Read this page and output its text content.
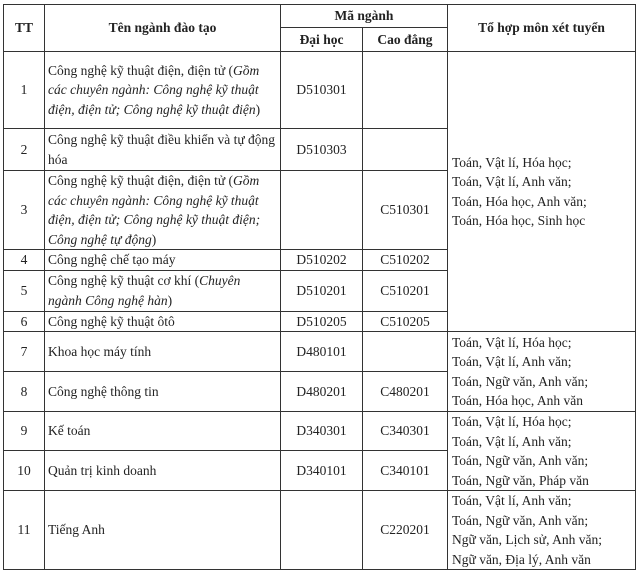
TT	Tên ngành đào tạo	Mã ngành		Tổ hợp môn xét tuyển
		Đại học	Cao đẳng	
1	Công nghệ kỹ thuật điện, điện tử (Gồm các chuyên ngành: Công nghệ kỹ thuật điện, điện tử; Công nghệ kỹ thuật điện)	D510301		Toán, Vật lí, Hóa học;
Toán, Vật lí, Anh văn;
Toán, Hóa học, Anh văn;
Toán, Hóa học, Sinh học

2	Công nghệ kỹ thuật điều khiển và tự động hóa	D510303		
3	Công nghệ kỹ thuật điện, điện tử (Gồm các chuyên ngành: Công nghệ kỹ thuật điện, điện tử; Công nghệ kỹ thuật điện; Công nghệ tự động)		C510301	
4	Công nghệ chế tạo máy	D510202	C510202	
5	Công nghệ kỹ thuật cơ khí (Chuyên ngành Công nghệ hàn)	D510201	C510201	
6	Công nghệ kỹ thuật ôtô	D510205	C510205	
7	Khoa học máy tính	D480101		Toán, Vật lí, Hóa học;
Toán, Vật lí, Anh văn;
Toán, Ngữ văn, Anh văn;
Toán, Hóa học, Anh văn

8	Công nghệ thông tin	D480201	C480201	
9	Kế toán	D340301	C340301	Toán, Vật lí, Hóa học;
Toán, Vật lí, Anh văn;
Toán, Ngữ văn, Anh văn;
Toán, Ngữ văn, Pháp văn

10	Quản trị kinh doanh	D340101	C340101	
11	Tiếng Anh		C220201	Toán, Vật lí, Anh văn;
Toán, Ngữ văn, Anh văn;
Ngữ văn, Lịch sử, Anh văn;
Ngữ văn, Địa lý, Anh văn
